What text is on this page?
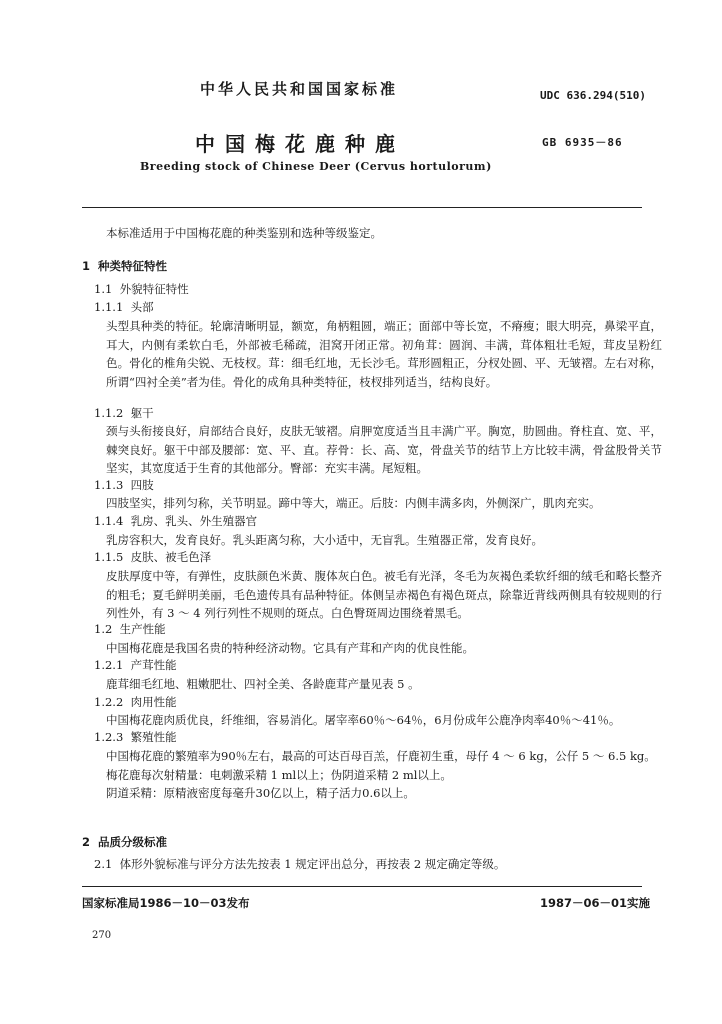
中华人民共和国国家标准	UDC 636.294(510)
中国梅花鹿种鹿	GB 6935－86
Breeding stock of Chinese Deer (Cervus hortulorum)
本标准适用于中国梅花鹿的种类鉴别和选种等级鉴定。
1 种类特征特性
1.1 外貌特征特性
1.1.1 头部
头型具种类的特征。轮廓清晰明显，额宽，角柄粗圆，端正；面部中等长宽，不瘠瘦；眼大明亮，鼻梁平直，耳大，内侧有柔软白毛，外部被毛稀疏，泪窝开闭正常。初角茸：圆润、丰满，茸体粗壮毛短，茸皮呈粉红色。骨化的椎角尖锐、无枝杈。茸：细毛红地，无长沙毛。茸形圆粗正，分杈处圆、平、无皱褶。左右对称，所谓“四衬全美”者为佳。骨化的成角具种类特征，枝杈排列适当，结构良好。
1.1.2 躯干
颈与头衔接良好，肩部结合良好，皮肤无皱褶。肩胛宽度适当且丰满广平。胸宽，肋圆曲。脊柱直、宽、平，棘突良好。躯干中部及腰部：宽、平、直。荐骨：长、高、宽，骨盘关节的结节上方比较丰满，骨盆股骨关节坚实，其宽度适于生育的其他部分。臀部：充实丰满。尾短粗。
1.1.3 四肢
四肢坚实，排列匀称，关节明显。蹄中等大，端正。后肢：内侧丰满多肉，外侧深广，肌肉充实。
1.1.4 乳房、乳头、外生殖器官
乳房容积大，发育良好。乳头距离匀称，大小适中，无盲乳。生殖器正常，发育良好。
1.1.5 皮肤、被毛色泽
皮肤厚度中等，有弹性，皮肤颜色米黄、腹体灰白色。被毛有光泽，冬毛为灰褐色柔软纤细的绒毛和略长整齐的粗毛；夏毛鲜明美丽，毛色遗传具有品种特征。体侧呈赤褐色有褐色斑点，除靠近背线两侧具有较规则的行列性外，有 3 ～ 4 列行列性不规则的斑点。白色臀斑周边围绕着黑毛。
1.2 生产性能
中国梅花鹿是我国名贵的特种经济动物。它具有产茸和产肉的优良性能。
1.2.1 产茸性能
鹿茸细毛红地、粗嫩肥壮、四衬全美、各龄鹿茸产量见表 5 。
1.2.2 肉用性能
中国梅花鹿肉质优良，纤维细，容易消化。屠宰率60％～64％，6月份成年公鹿净肉率40％～41％。
1.2.3 繁殖性能
中国梅花鹿的繁殖率为90％左右，最高的可达百母百羔，仔鹿初生重，母仔 4 ～ 6 kg，公仔 5 ～ 6.5 kg。
梅花鹿每次射精量：电刺激采精 1 ml以上；伪阴道采精 2 ml以上。
阴道采精：原精液密度每毫升30亿以上，精子活力0.6以上。
2 品质分级标准
2.1 体形外貌标准与评分方法先按表 1 规定评出总分，再按表 2 规定确定等级。
国家标准局1986－10－03发布	1987－06－01实施
270
